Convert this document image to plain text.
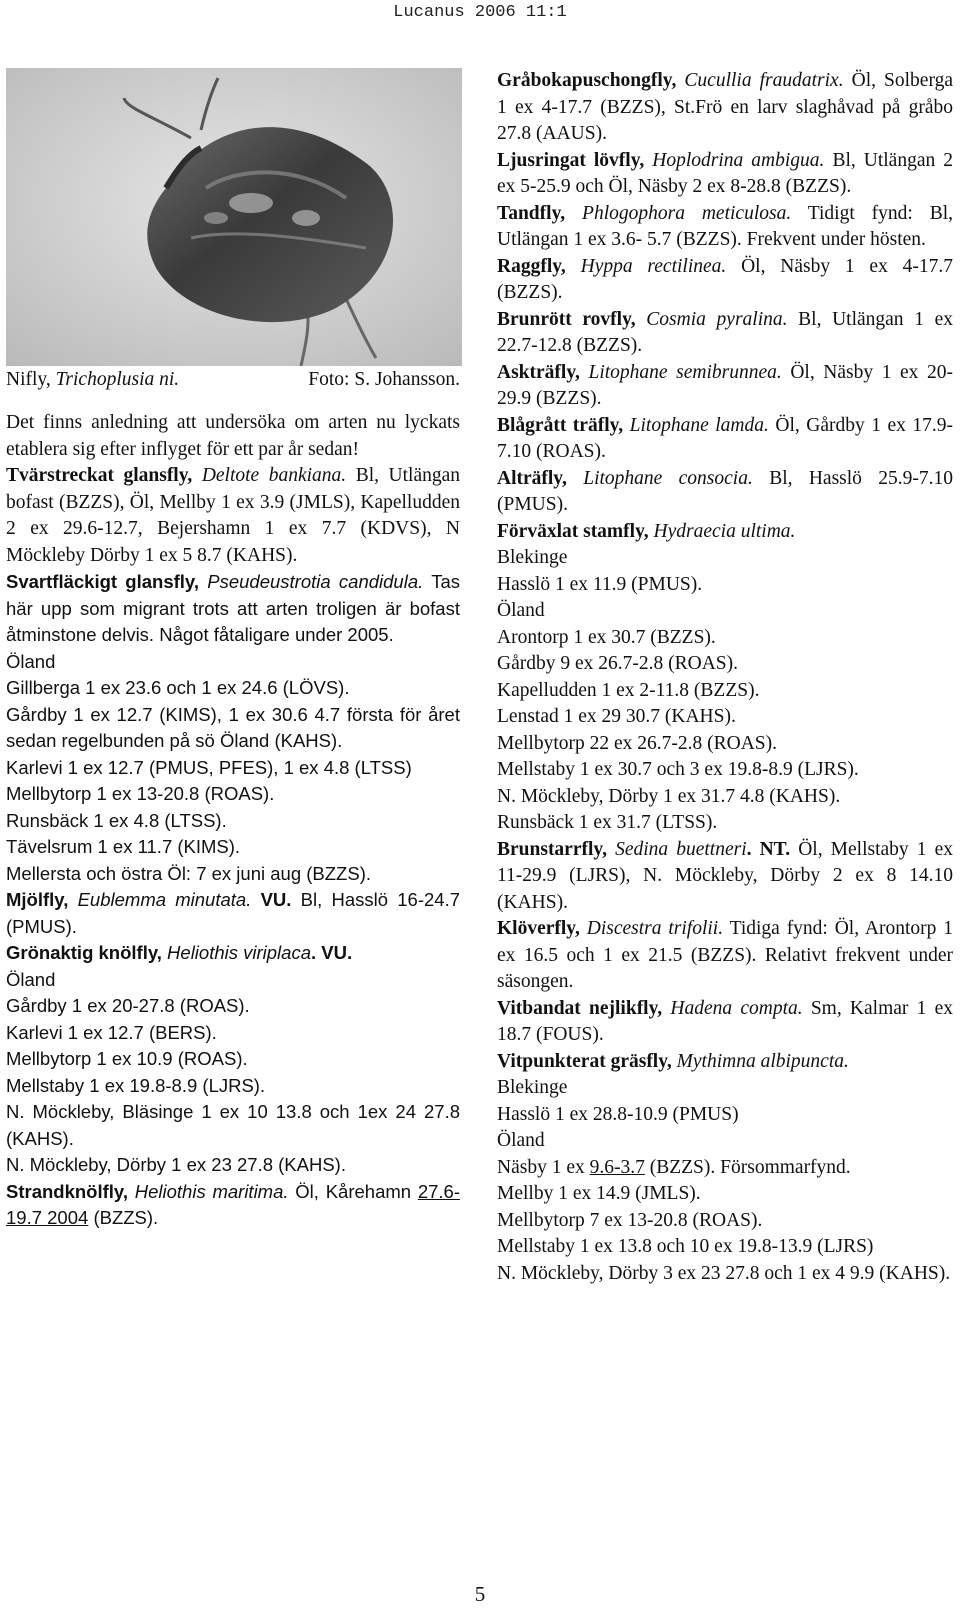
Lucanus 2006 11:1
Nifly, Trichoplusia ni.	Foto: S. Johansson.

Det finns anledning att undersöka om arten nu lyckats etablera sig efter inflyget för ett par år sedan!

Tvärstreckat glansfly, Deltote bankiana. Bl, Utlängan bofast (BZZS), Öl, Mellby 1 ex 3.9 (JMLS), Kapelludden 2 ex 29.6-12.7, Bejershamn 1 ex 7.7 (KDVS), N Möckleby Dörby 1 ex 5 8.7 (KAHS).

Svartfläckigt glansfly, Pseudeustrotia candidula. Tas här upp som migrant trots att arten troligen är bofast åtminstone delvis. Något fåtaligare under 2005.

Öland

Gillberga 1 ex 23.6 och 1 ex 24.6 (LÖVS).

Gårdby 1 ex 12.7 (KIMS), 1 ex 30.6 4.7 första för året sedan regelbunden på sö Öland (KAHS).

Karlevi 1 ex 12.7 (PMUS, PFES), 1 ex 4.8 (LTSS)

Mellbytorp 1 ex 13-20.8 (ROAS).

Runsbäck 1 ex 4.8 (LTSS).

Tävelsrum 1 ex 11.7 (KIMS).

Mellersta och östra Öl: 7 ex juni aug (BZZS).

Mjölfly, Eublemma minutata. VU. Bl, Hasslö 16-24.7 (PMUS).

Grönaktig knölfly, Heliothis viriplaca. VU.

Öland

Gårdby 1 ex 20-27.8 (ROAS).

Karlevi 1 ex 12.7 (BERS).

Mellbytorp 1 ex 10.9 (ROAS).

Mellstaby 1 ex 19.8-8.9 (LJRS).

N. Möckleby, Bläsinge 1 ex 10 13.8 och 1ex 24 27.8 (KAHS).

N. Möckleby, Dörby 1 ex 23 27.8 (KAHS).

Strandknölfly, Heliothis maritima. Öl, Kårehamn 27.6-19.7 2004 (BZZS).

Gråbokapuschongfly, Cucullia fraudatrix. Öl, Solberga 1 ex 4-17.7 (BZZS), St.Frö en larv slaghåvad på gråbo 27.8 (AAUS).

Ljusringat lövfly, Hoplodrina ambigua. Bl, Utlängan 2 ex 5-25.9 och Öl, Näsby 2 ex 8-28.8 (BZZS).

Tandfly, Phlogophora meticulosa. Tidigt fynd: Bl, Utlängan 1 ex 3.6- 5.7 (BZZS). Frekvent under hösten.

Raggfly, Hyppa rectilinea. Öl, Näsby 1 ex 4-17.7 (BZZS).

Brunrött rovfly, Cosmia pyralina. Bl, Utlängan 1 ex 22.7-12.8 (BZZS).

Askträfly, Litophane semibrunnea. Öl, Näsby 1 ex 20-29.9 (BZZS).

Blågrått träfly, Litophane lamda. Öl, Gårdby 1 ex 17.9-7.10 (ROAS).

Alträfly, Litophane consocia. Bl, Hasslö 25.9-7.10 (PMUS).

Förväxlat stamfly, Hydraecia ultima.

Blekinge

Hasslö 1 ex 11.9 (PMUS).

Öland

Arontorp 1 ex 30.7 (BZZS).

Gårdby 9 ex 26.7-2.8 (ROAS).

Kapelludden 1 ex 2-11.8 (BZZS).

Lenstad 1 ex 29 30.7 (KAHS).

Mellbytorp 22 ex 26.7-2.8 (ROAS).

Mellstaby 1 ex 30.7 och 3 ex 19.8-8.9 (LJRS).

N. Möckleby, Dörby 1 ex 31.7 4.8 (KAHS).

Runsbäck 1 ex 31.7 (LTSS).

Brunstarrfly, Sedina buettneri. NT. Öl, Mellstaby 1 ex 11-29.9 (LJRS), N. Möckleby, Dörby 2 ex 8 14.10 (KAHS).

Klöverfly, Discestra trifolii. Tidiga fynd: Öl, Arontorp 1 ex 16.5 och 1 ex 21.5 (BZZS). Relativt frekvent under säsongen.

Vitbandat nejlikfly, Hadena compta. Sm, Kalmar 1 ex 18.7 (FOUS).

Vitpunkterat gräsfly, Mythimna albipuncta.

Blekinge

Hasslö 1 ex 28.8-10.9 (PMUS)

Öland

Näsby 1 ex 9.6-3.7 (BZZS). Försommarfynd.

Mellby 1 ex 14.9 (JMLS).

Mellbytorp 7 ex 13-20.8 (ROAS).

Mellstaby 1 ex 13.8 och 10 ex 19.8-13.9 (LJRS)

N. Möckleby, Dörby 3 ex 23 27.8 och 1 ex 4 9.9 (KAHS).

5
